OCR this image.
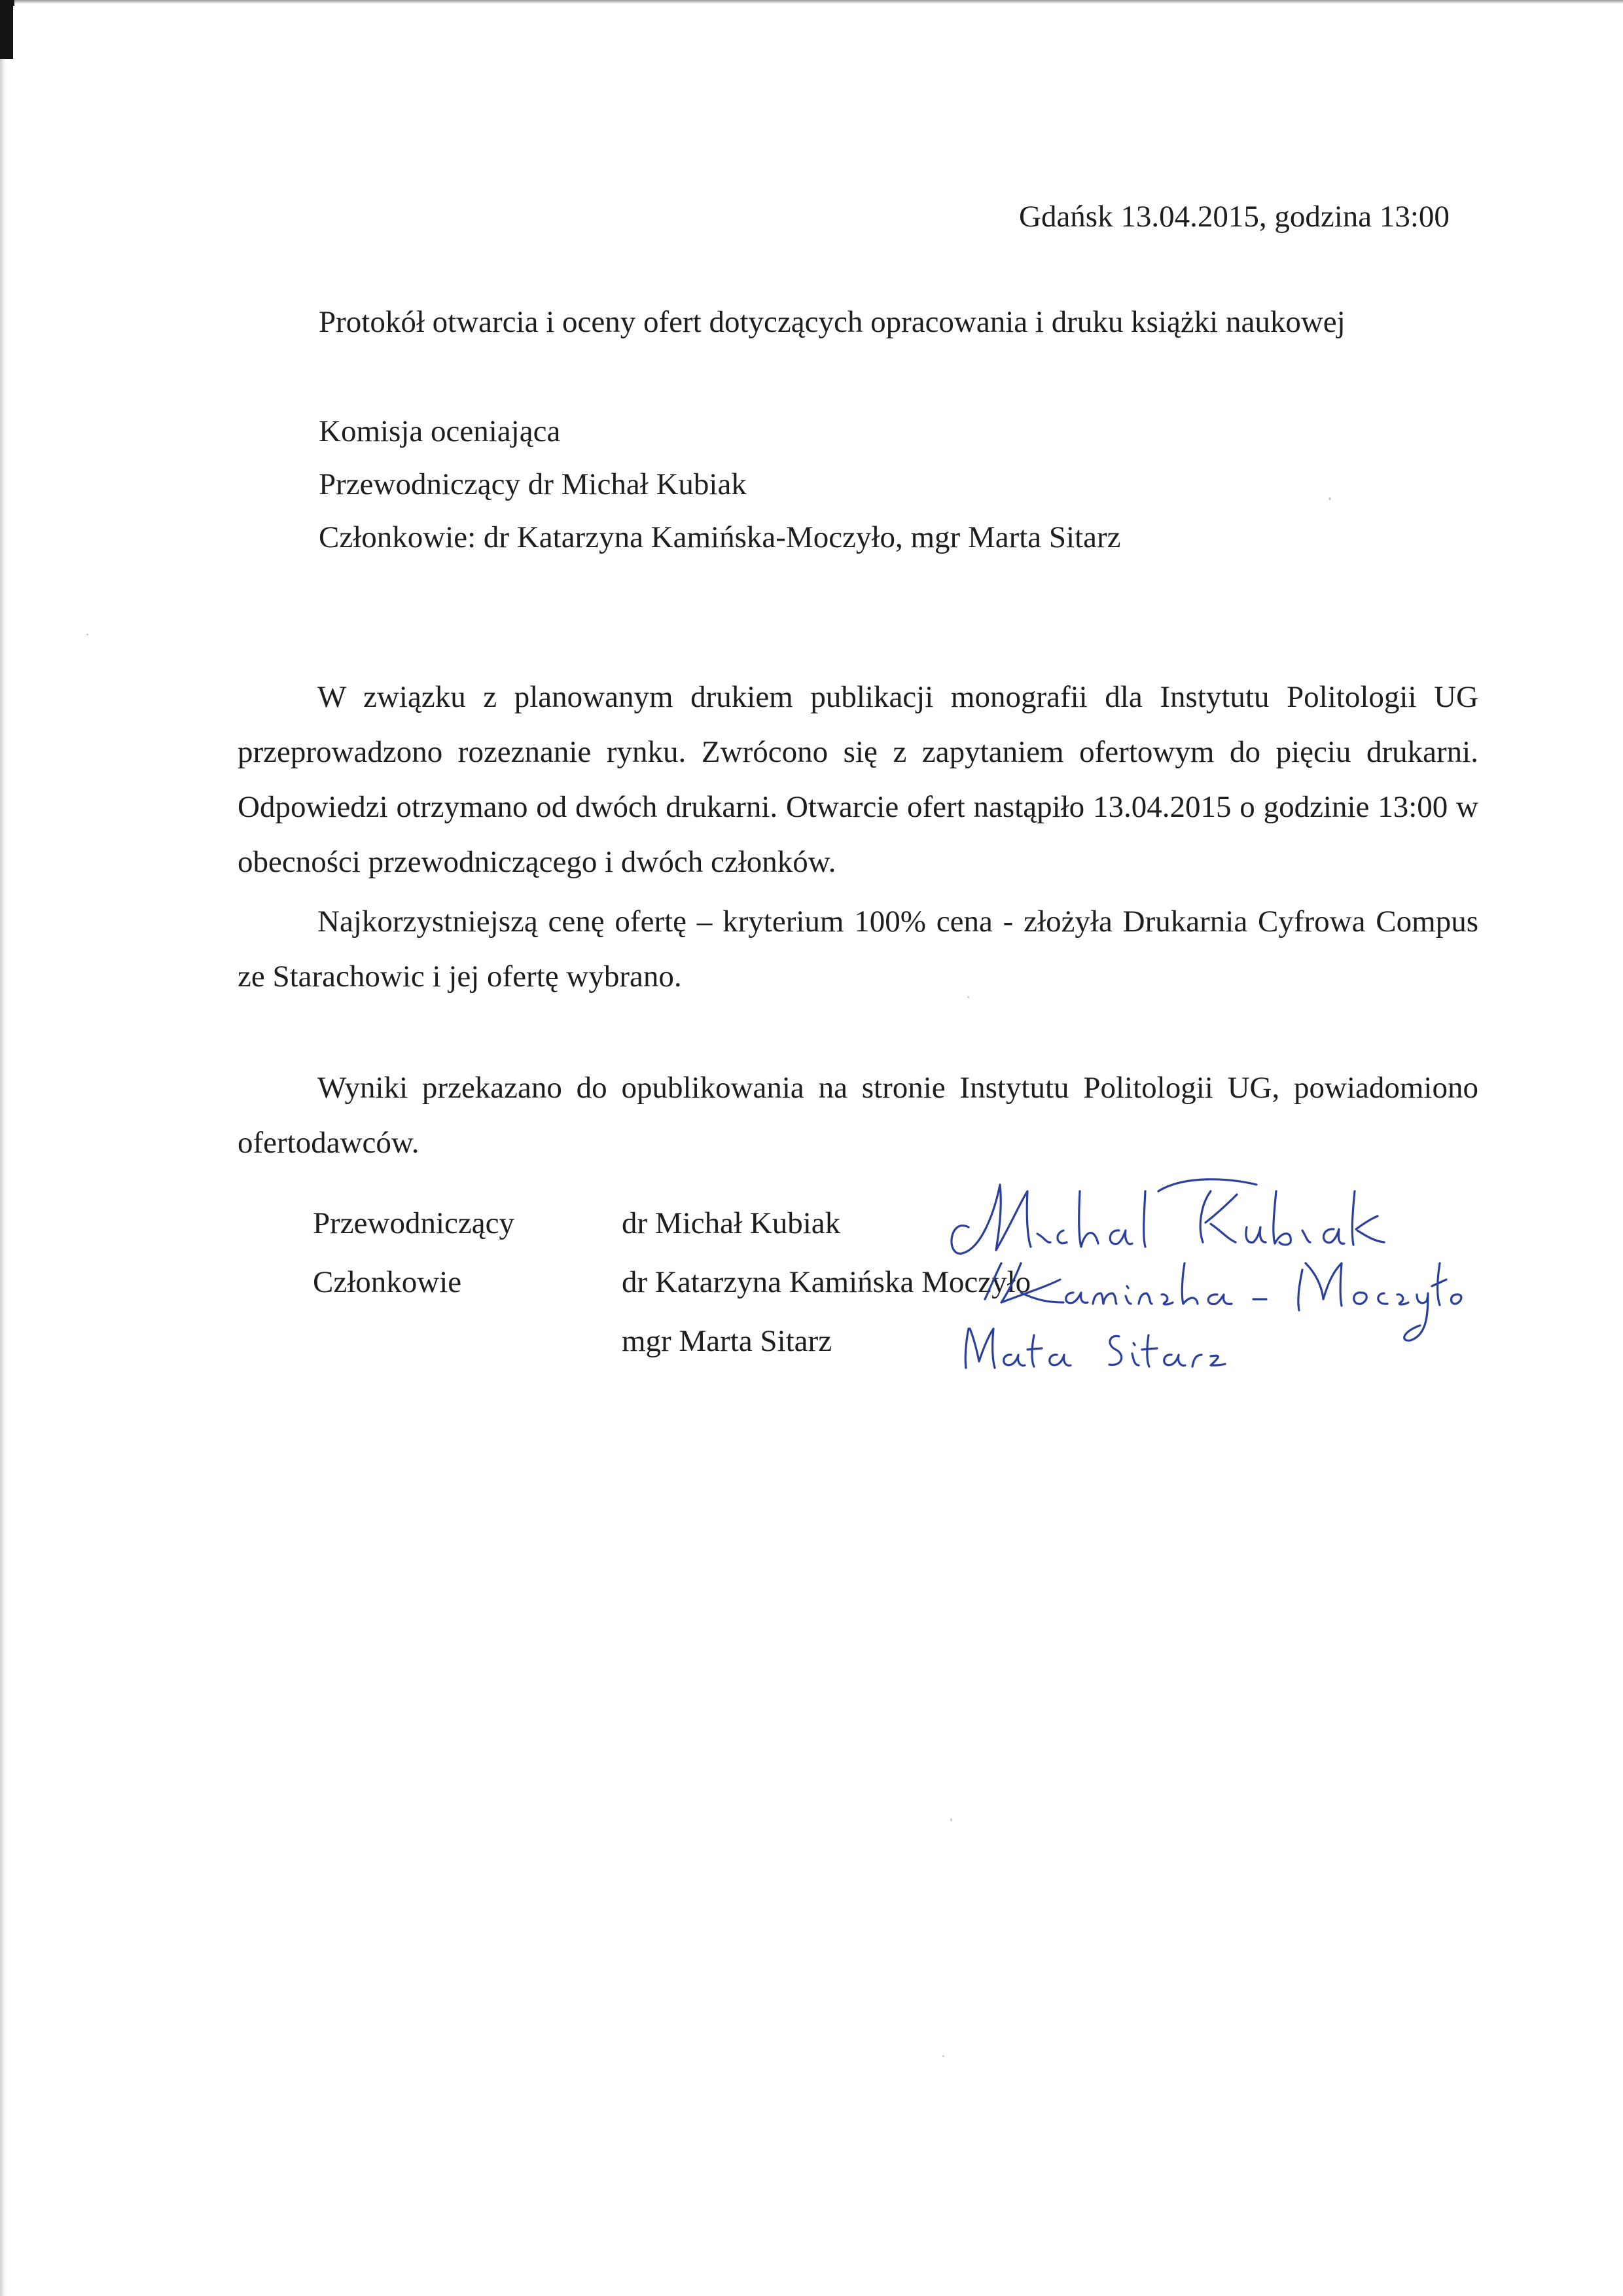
Gdańsk 13.04.2015, godzina 13:00
Protokół otwarcia i oceny ofert dotyczących opracowania i druku książki naukowej
Komisja oceniająca
Przewodniczący dr Michał Kubiak
Członkowie: dr Katarzyna Kamińska-Moczyło, mgr Marta Sitarz

W związku z planowanym drukiem publikacji monografii dla Instytutu Politologii UG przeprowadzono rozeznanie rynku. Zwrócono się z zapytaniem ofertowym do pięciu drukarni. Odpowiedzi otrzymano od dwóch drukarni. Otwarcie ofert nastąpiło 13.04.2015 o godzinie 13:00 w obecności przewodniczącego i dwóch członków.

Najkorzystniejszą cenę ofertę – kryterium 100% cena - złożyła Drukarnia Cyfrowa Compus ze Starachowic i jej ofertę wybrano.

Wyniki przekazano do opublikowania na stronie Instytutu Politologii UG, powiadomiono ofertodawców.

Przewodniczący	dr Michał Kubiak
Członkowie	dr Katarzyna Kamińska Moczyło
mgr Marta Sitarz
